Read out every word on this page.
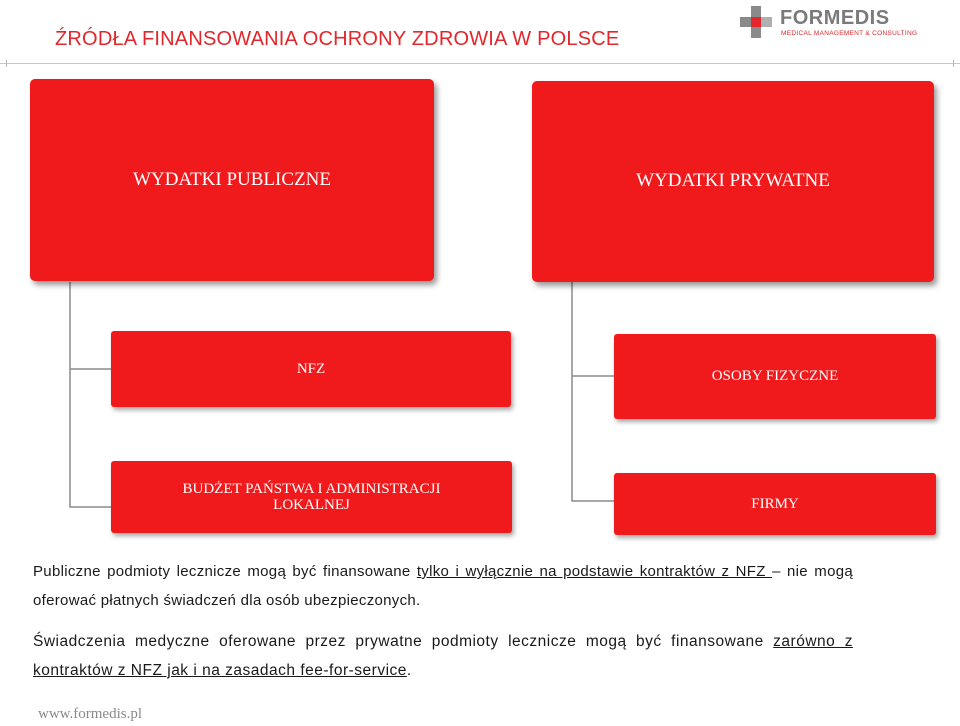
ŹRÓDŁA FINANSOWANIA OCHRONY ZDROWIA W POLSCE
FORMEDIS
MEDICAL MANAGEMENT & CONSULTING
WYDATKI PUBLICZNE	WYDATKI PRYWATNE
NFZ	OSOBY FIZYCZNE
BUDŻET PAŃSTWA I ADMINISTRACJI LOKALNEJ	FIRMY

Publiczne podmioty lecznicze mogą być finansowane tylko i wyłącznie na podstawie kontraktów z NFZ – nie mogą oferować płatnych świadczeń dla osób ubezpieczonych.

Świadczenia medyczne oferowane przez prywatne podmioty lecznicze mogą być finansowane zarówno z kontraktów z NFZ jak i na zasadach fee-for-service.

www.formedis.pl
